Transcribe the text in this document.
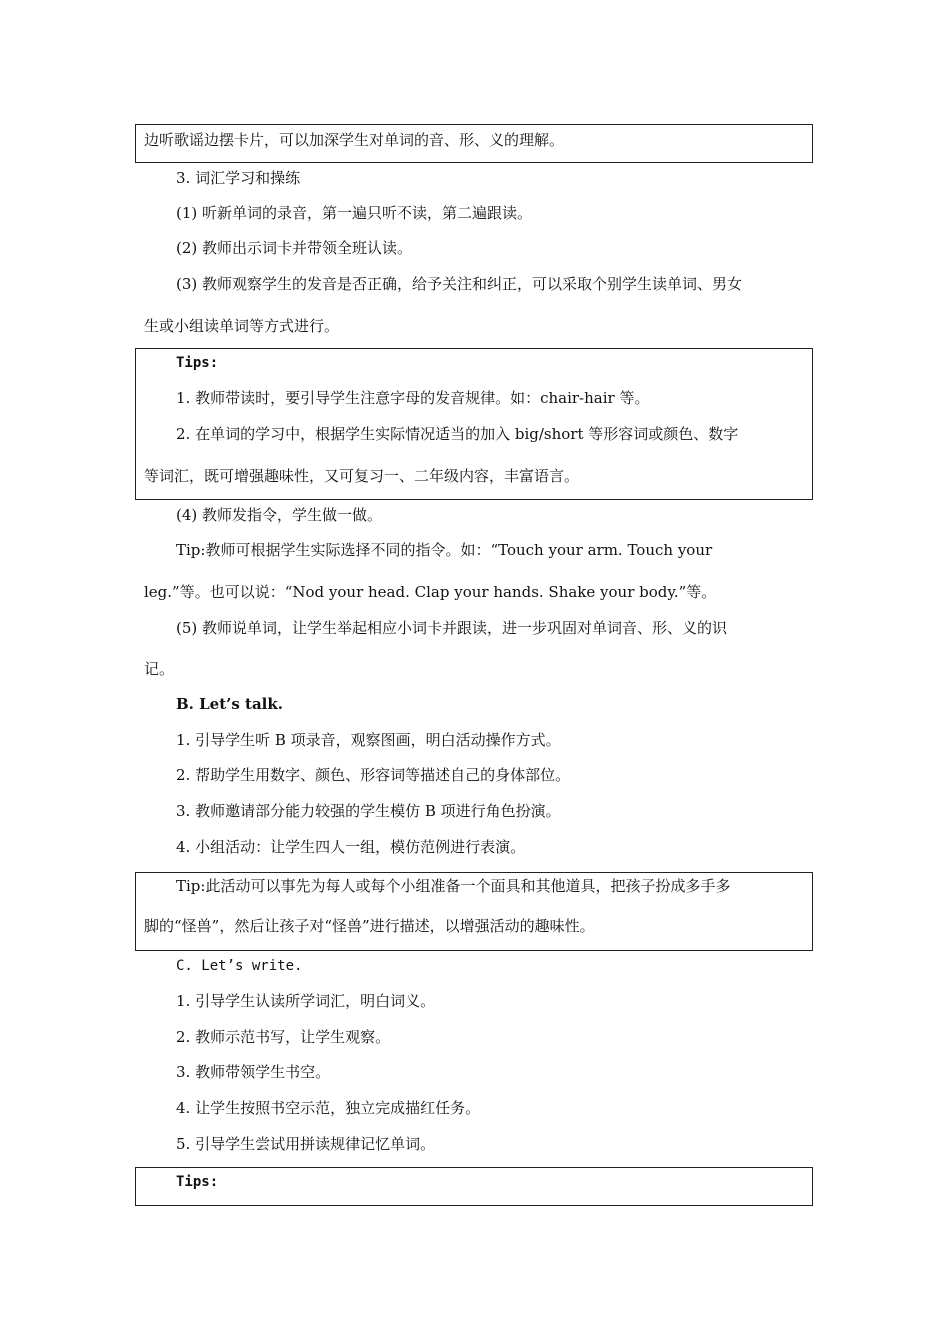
边听歌谣边摆卡片，可以加深学生对单词的音、形、义的理解。
3. 词汇学习和操练
(1) 听新单词的录音，第一遍只听不读，第二遍跟读。
(2) 教师出示词卡并带领全班认读。
(3) 教师观察学生的发音是否正确，给予关注和纠正，可以采取个别学生读单词、男女
生或小组读单词等方式进行。
Tips:
1. 教师带读时，要引导学生注意字母的发音规律。如：chair-hair 等。
2. 在单词的学习中，根据学生实际情况适当的加入 big/short 等形容词或颜色、数字
等词汇，既可增强趣味性，又可复习一、二年级内容，丰富语言。
(4) 教师发指令，学生做一做。
Tip:教师可根据学生实际选择不同的指令。如：“Touch your arm. Touch your
leg.”等。也可以说：“Nod your head. Clap your hands. Shake your body.”等。
(5) 教师说单词，让学生举起相应小词卡并跟读，进一步巩固对单词音、形、义的识
记。
B. Let’s talk.
1. 引导学生听 B 项录音，观察图画，明白活动操作方式。
2. 帮助学生用数字、颜色、形容词等描述自己的身体部位。
3. 教师邀请部分能力较强的学生模仿 B 项进行角色扮演。
4. 小组活动：让学生四人一组，模仿范例进行表演。
Tip:此活动可以事先为每人或每个小组准备一个面具和其他道具，把孩子扮成多手多
脚的“怪兽”，然后让孩子对“怪兽”进行描述，以增强活动的趣味性。
C. Let’s write.
1. 引导学生认读所学词汇，明白词义。
2. 教师示范书写，让学生观察。
3. 教师带领学生书空。
4. 让学生按照书空示范，独立完成描红任务。
5. 引导学生尝试用拼读规律记忆单词。
Tips:
